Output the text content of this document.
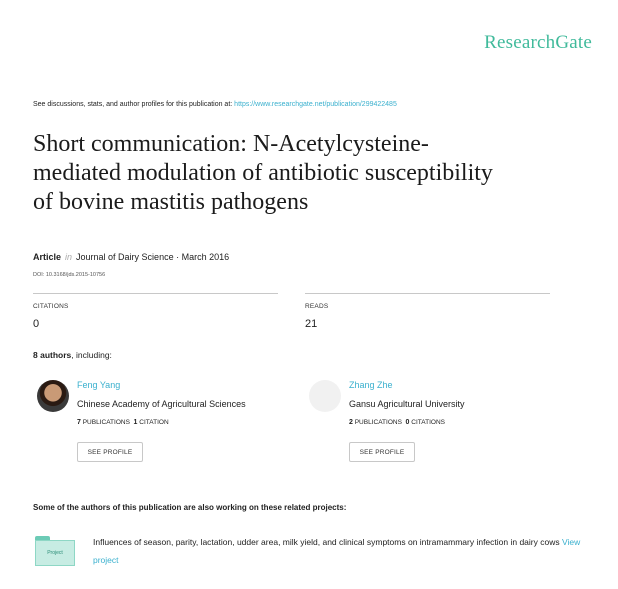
ResearchGate
See discussions, stats, and author profiles for this publication at: https://www.researchgate.net/publication/299422485
Short communication: N-Acetylcysteine-
mediated modulation of antibiotic susceptibility
of bovine mastitis pathogens
Article in Journal of Dairy Science · March 2016
DOI: 10.3168/jds.2015-10756
CITATIONS
0
READS
21
8 authors, including:
Feng Yang
Chinese Academy of Agricultural Sciences
7 PUBLICATIONS 1 CITATION
SEE PROFILE
Zhang Zhe
Gansu Agricultural University
2 PUBLICATIONS 0 CITATIONS
SEE PROFILE
Some of the authors of this publication are also working on these related projects:
Project
Influences of season, parity, lactation, udder area, milk yield, and clinical symptoms on intramammary infection in dairy cows View project
